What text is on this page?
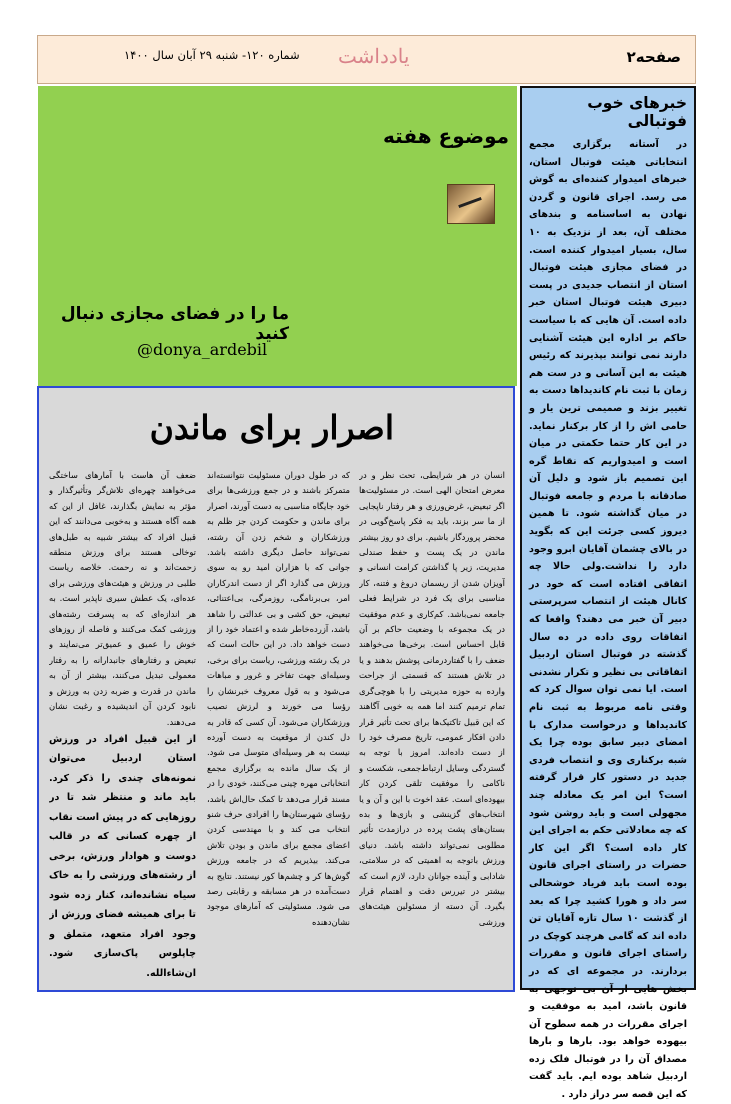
صفحه۲
یادداشت
شماره ۱۲۰- شنبه ۲۹ آبان سال ۱۴۰۰
خبرهای خوب فوتبالی

در آستانه برگزاری مجمع انتخاباتی هیئت فوتبال استان، خبرهای امیدوار کننده‌ای به گوش می رسد. اجرای قانون و گردن نهادن به اساسنامه و بندهای مختلف آن، بعد از نزدیک به ۱۰ سال، بسیار امیدوار کننده است. در فضای مجازی هیئت فوتبال استان از انتصاب جدیدی در پست دبیری هیئت فوتبال استان خبر داده است. آن هایی که با سیاست حاکم بر اداره این هیئت آشنایی دارند نمی توانند بپذیرند که رئیس هیئت به این آسانی و در ست هم زمان با ثبت نام کاندیداها دست به تغییر بزند و صمیمی ترین یار و حامی اش را از کار برکنار نماید. در این کار حتما حکمتی در میان است و امیدواریم که نقاط گره این تصمیم باز شود و دلیل آن صادقانه با مردم و جامعه فوتبال در میان گذاشته شود. تا همین دیروز کسی جرئت این که بگوید در بالای چشمان آقایان ابرو وجود دارد را نداشت.ولی حالا چه اتفاقی افتاده است که خود در کانال هیئت از انتصاب سرپرستی دبیر آن خبر می دهند؟ واقعا که اتفاقات روی داده در ده سال گذشته در فوتبال استان اردبیل اتفاقاتی بی نظیر و تکرار نشدنی است. ایا نمی توان سوال کرد که وقتی نامه مربوط به ثبت نام کاندیداها و درخواست مدارک با امضای دبیر سابق بوده چرا یک شبه برکناری وی و انتصاب فردی جدید در دستور کار قرار گرفته است؟ این امر یک معادله چند مجهولی است و باید روشن شود که چه معادلاتی حکم به اجرای این کار داده است؟ اگر این کار حضرات در راستای اجرای قانون بوده است باید فریاد خوشحالی سر داد و هورا کشید چرا که بعد از گذشت ۱۰ سال تازه آقایان تن داده اند که گامی هرچند کوچک در راستای اجرای قانون و مقررات بردارند. در مجموعه ای که در بخش هایی از آن بی توجهی به قانون باشد، امید به موفقیت و اجرای مقررات در همه سطوح آن بیهوده خواهد بود. بارها و بارها مصداق آن را در فوتبال فلک زده اردبیل شاهد بوده ایم. باید گفت که این قصه سر دراز دارد .

موضوع هفته
ما را در فضای مجازی دنبال کنید
@donya_ardebil
اصرار برای ماندن

انسان در هر شرایطی، تحت نظر و در معرض امتحان الهی است. در مسئولیت‌ها اگر تبعیض، غرض‌ورزی و هر رفتار ناپجایی از ما سر بزند، باید به فکر پاسخ‌گویی در محضر پروردگار باشیم. برای دو روز بیشتر ماندن در یک پست و حفظ صندلی مدیریت، زیر پا گذاشتن کرامت انسانی و آویزان شدن از ریسمان دروغ و فتنه، کار مناسبی برای یک فرد در شرایط فعلی جامعه نمی‌باشد. کم‌کاری و عدم موفقیت در یک مجموعه با وضعیت حاکم بر آن قابل احساس است. برخی‌ها می‌خواهند ضعف را با گفتاردرمانی پوشش بدهند و یا در تلاش هستند که قسمتی از جراحت وارده به حوزه مدیریتی را با هوچی‌گری تمام ترمیم کنند اما همه به خوبی آگاهند که این قبیل تاکتیک‌ها برای تحت تأثیر قرار دادن افکار عمومی، تاریخ مصرف خود را از دست داده‌اند. امروز با توجه به گستردگی وسایل ارتباط‌جمعی، شکست و ناکامی را موفقیت تلقی کردن کار بیهوده‌ای است. عقد اخوت با این و آن و یا انتخاب‌های گزینشی و بازی‌ها و بده بستان‌های پشت پرده در درازمدت تأثیر مطلوبی نمی‌تواند داشته باشد. دنیای ورزش باتوجه به اهمیتی که در سلامتی، شادابی و آینده جوانان دارد، لازم است که بیشتر در تیررس دقت و اهتمام قرار بگیرد. آن دسته از مسئولین هیئت‌های ورزشی

که در طول دوران مسئولیت نتوانسته‌اند متمرکز باشند و در جمع ورزشی‌ها برای خود جایگاه مناسبی به دست آورند، اصرار برای ماندن و حکومت کردن جز ظلم به ورزشکاران و شخم زدن آن رشته، نمی‌تواند حاصل دیگری داشته باشد. جوانی که با هزاران امید رو به سوی ورزش می گذارد اگر از دست اندرکاران امر، بی‌برنامگی، روزمرگی، بی‌اعتنائی، تبعیض، حق کشی و بی عدالتی را شاهد باشد، آزرده‌خاطر شده و اعتماد خود را از دست خواهد داد. در این حالت است که در یک رشته ورزشی، ریاست برای برخی، وسیله‌ای جهت تفاخر و غرور و مباهات می‌شود و به قول معروف خبرنشان را رؤسا می خورند و لرزش نصیب ورزشکاران می‌شود. آن کسی که قادر به دل کندن از موقعیت به دست آورده نیست به هر وسیله‌ای متوسل می شود. از یک سال مانده به برگزاری مجمع انتخاباتی مهره چینی می‌کنند، خودی را در مسند قرار می‌دهد تا کمک حال‌اش باشد، رؤسای شهرستان‌ها را افرادی حرف شنو انتخاب می کند و با مهندسی کردن اعضای مجمع برای ماندن و بودن تلاش می‌کند. بیذیریم که در جامعه ورزش گوش‌ها کر و چشم‌ها کور نیستند. نتایج به دست‌آمده در هر مسابقه و رقابتی رصد می شود. مسئولیتی که آمارهای موجود نشان‌دهنده

ضعف آن هاست با آمارهای ساختگی می‌خواهند چهره‌ای تلاش‌گر وتأثیرگذار و مؤثر به نمایش بگذارند، غافل از این که همه آگاه هستند و به‌خوبی می‌دانند که این قبیل افراد که بیشتر شبیه به طبل‌های توخالی هستند برای ورزش منطقه زحمت‌اند و نه رحمت. خلاصه ریاست طلبی در ورزش و هیئت‌های ورزشی برای عده‌ای، یک عطش سیری ناپذیر است. به هر اندازه‌ای که به پسرفت رشته‌های ورزشی کمک می‌کنند و فاصله از روزهای خوش را عمیق و عمیق‌تر می‌نمایند و تبعیض و رفتارهای جانبدارانه را به رفتار معمولی تبدیل می‌کنند، بیشتر از آن به ماندن در قدرت و ضربه زدن به ورزش و نابود کردن آن اندیشیده و رغبت نشان می‌دهند.

از این قبیل افراد در ورزش استان اردبیل می‌توان نمونه‌های چندی را ذکر کرد. باید ماند و منتظر شد تا در روزهایی که در پیش است نقاب از چهره کسانی که در قالب دوست و هوادار ورزش، برخی از رشته‌های ورزشی را به خاک سیاه نشانده‌اند، کنار زده شود تا برای همیشه فضای ورزش از وجود افراد متعهد، متملق و چاپلوس پاک‌سازی شود. ان‌شاءالله.
